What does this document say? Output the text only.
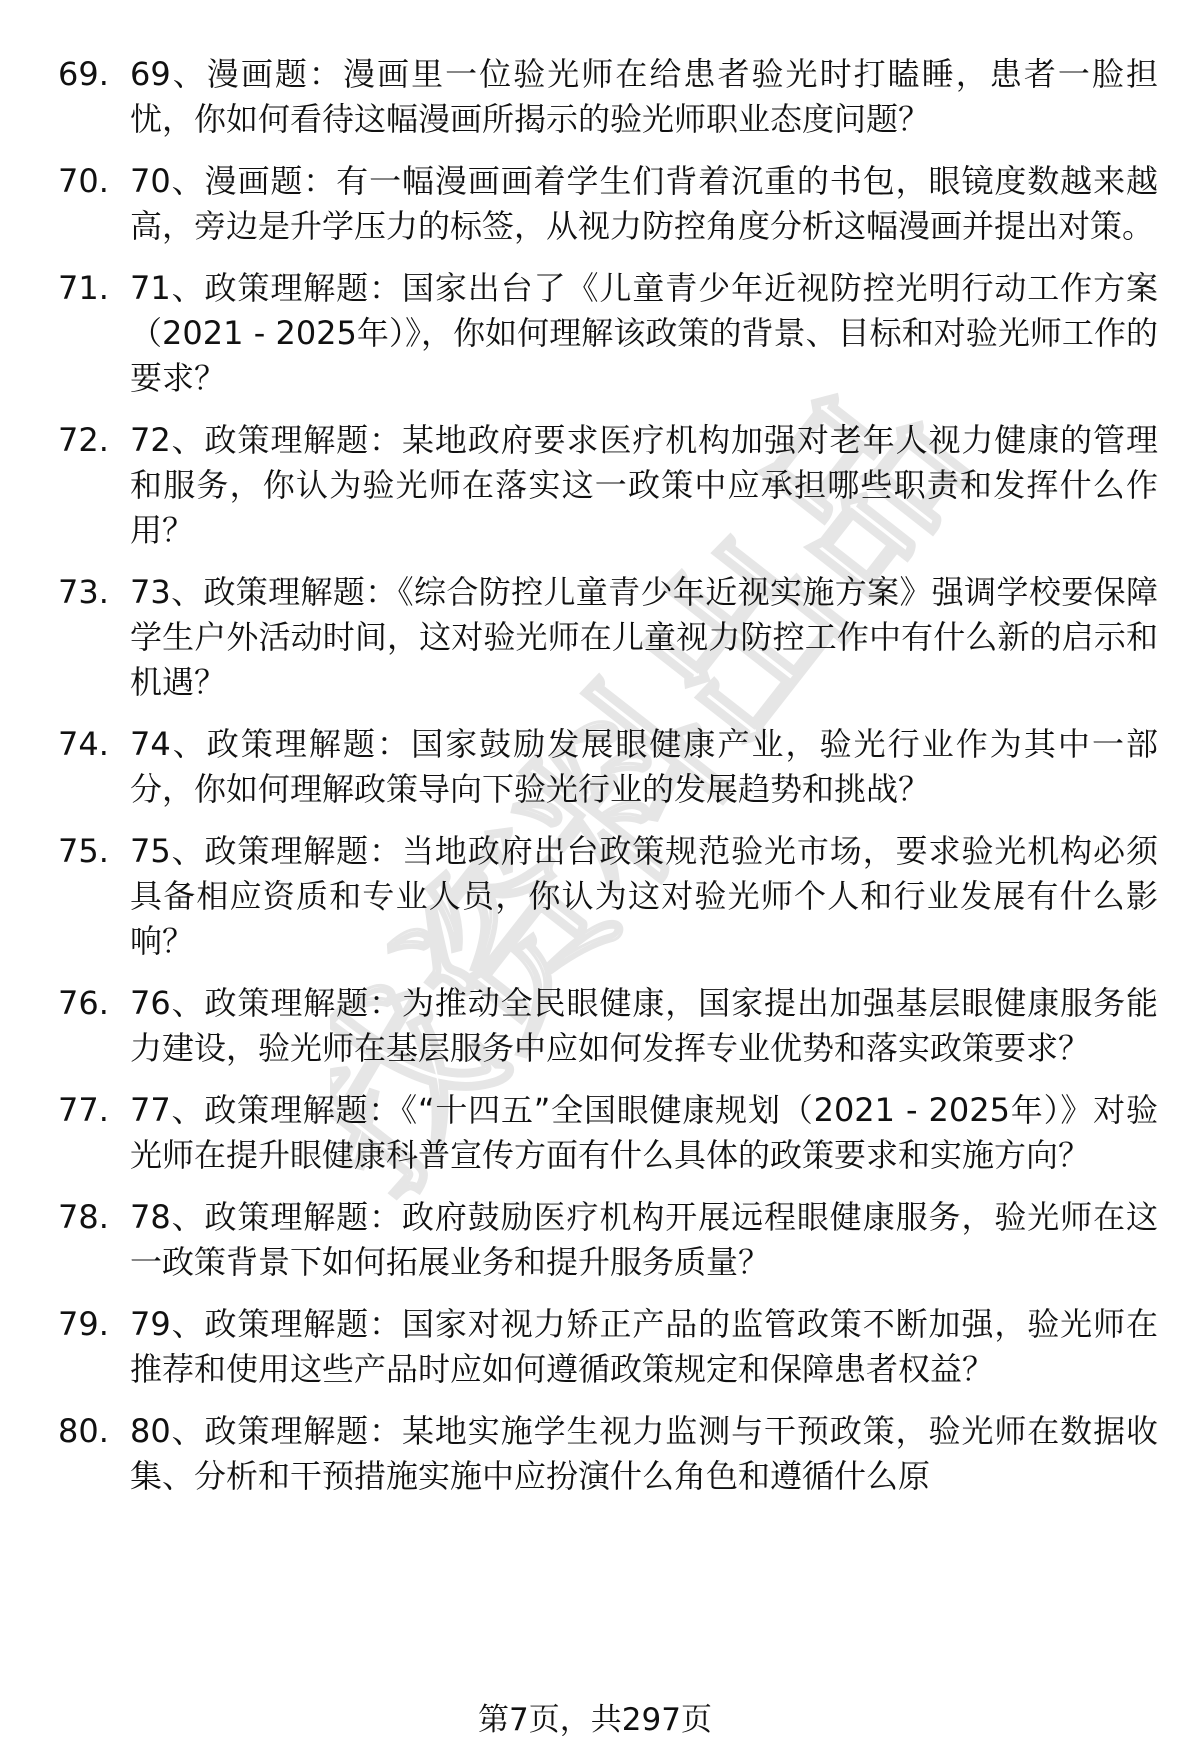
找资料出品
69. 69、漫画题：漫画里一位验光师在给患者验光时打瞌睡，患者一脸担忧，你如何看待这幅漫画所揭示的验光师职业态度问题？
70. 70、漫画题：有一幅漫画画着学生们背着沉重的书包，眼镜度数越来越高，旁边是升学压力的标签，从视力防控角度分析这幅漫画并提出对策。
71. 71、政策理解题：国家出台了《儿童青少年近视防控光明行动工作方案（2021 - 2025年）》，你如何理解该政策的背景、目标和对验光师工作的要求？
72. 72、政策理解题：某地政府要求医疗机构加强对老年人视力健康的管理和服务，你认为验光师在落实这一政策中应承担哪些职责和发挥什么作用？
73. 73、政策理解题：《综合防控儿童青少年近视实施方案》强调学校要保障学生户外活动时间，这对验光师在儿童视力防控工作中有什么新的启示和机遇？
74. 74、政策理解题：国家鼓励发展眼健康产业，验光行业作为其中一部分，你如何理解政策导向下验光行业的发展趋势和挑战？
75. 75、政策理解题：当地政府出台政策规范验光市场，要求验光机构必须具备相应资质和专业人员，你认为这对验光师个人和行业发展有什么影响？
76. 76、政策理解题：为推动全民眼健康，国家提出加强基层眼健康服务能力建设，验光师在基层服务中应如何发挥专业优势和落实政策要求？
77. 77、政策理解题：《“十四五”全国眼健康规划（2021 - 2025年）》对验光师在提升眼健康科普宣传方面有什么具体的政策要求和实施方向？
78. 78、政策理解题：政府鼓励医疗机构开展远程眼健康服务，验光师在这一政策背景下如何拓展业务和提升服务质量？
79. 79、政策理解题：国家对视力矫正产品的监管政策不断加强，验光师在推荐和使用这些产品时应如何遵循政策规定和保障患者权益？
80. 80、政策理解题：某地实施学生视力监测与干预政策，验光师在数据收集、分析和干预措施实施中应扮演什么角色和遵循什么原
第7页，共297页
